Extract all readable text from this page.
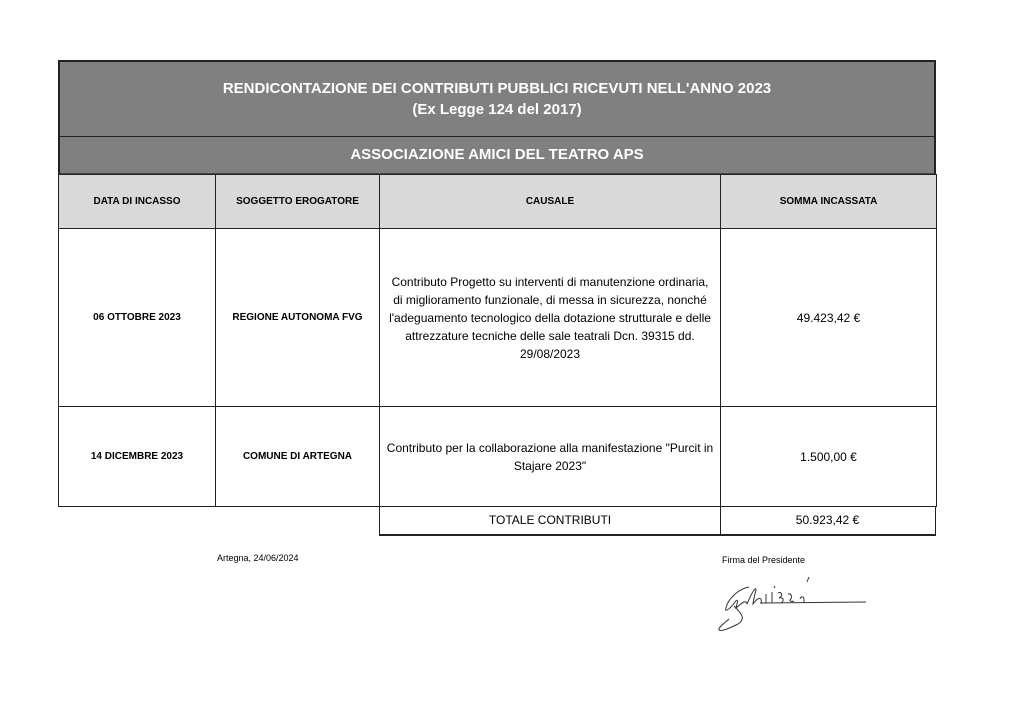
RENDICONTAZIONE DEI CONTRIBUTI PUBBLICI RICEVUTI NELL'ANNO 2023
(Ex Legge 124 del 2017)
ASSOCIAZIONE AMICI DEL TEATRO APS
DATA DI INCASSO	SOGGETTO EROGATORE	CAUSALE	SOMMA INCASSATA
06 OTTOBRE 2023	REGIONE AUTONOMA FVG	Contributo Progetto su interventi di manutenzione ordinaria, di miglioramento funzionale, di messa in sicurezza, nonché l'adeguamento tecnologico della dotazione strutturale e delle attrezzature tecniche delle sale teatrali Dcn. 39315 dd. 29/08/2023	49.423,42 €
14 DICEMBRE 2023	COMUNE DI ARTEGNA	Contributo per la collaborazione alla manifestazione "Purcit in Stajare 2023"	1.500,00 €
TOTALE CONTRIBUTI	50.923,42 €
Artegna, 24/06/2024	Firma del Presidente
